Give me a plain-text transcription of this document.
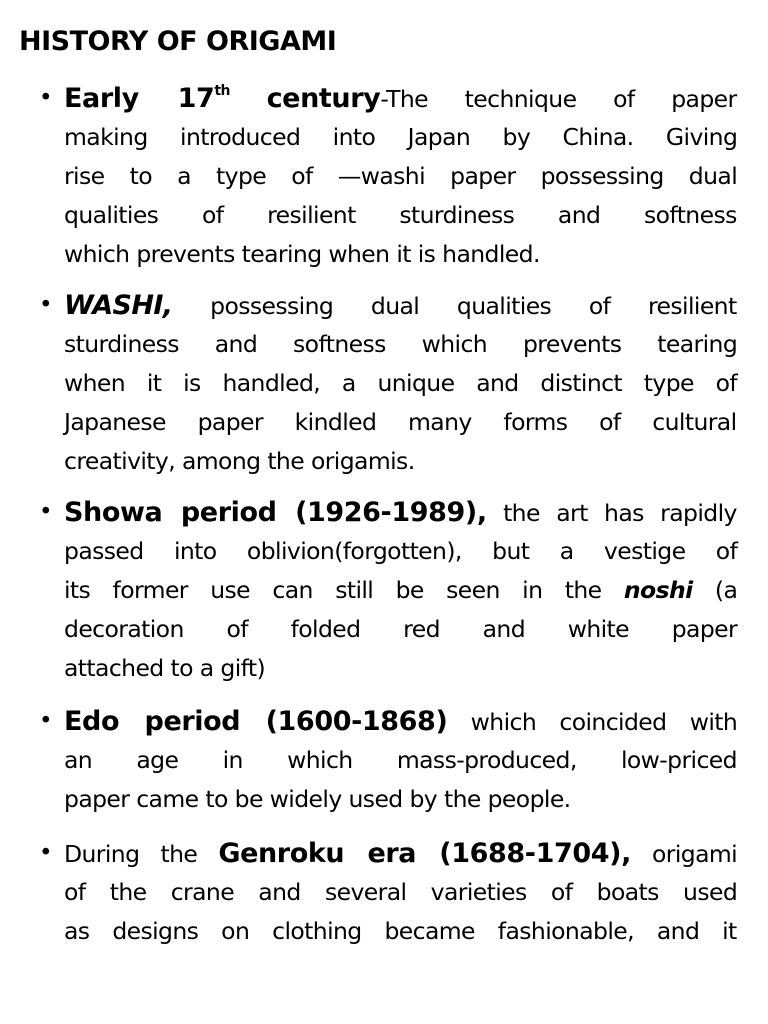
HISTORY OF ORIGAMI
• Early 17th century-The technique of paper
making introduced into Japan by China. Giving
rise to a type of —washi paper possessing dual
qualities of resilient sturdiness and softness
which prevents tearing when it is handled.
• WASHI, possessing dual qualities of resilient
sturdiness and softness which prevents tearing
when it is handled, a unique and distinct type of
Japanese paper kindled many forms of cultural
creativity, among the origamis.
• Showa period (1926-1989), the art has rapidly
passed into oblivion(forgotten), but a vestige of
its former use can still be seen in the noshi (a
decoration of folded red and white paper
attached to a gift)
• Edo period (1600-1868) which coincided with
an age in which mass-produced, low-priced
paper came to be widely used by the people.
• During the Genroku era (1688-1704), origami
of the crane and several varieties of boats used
as designs on clothing became fashionable, and it
